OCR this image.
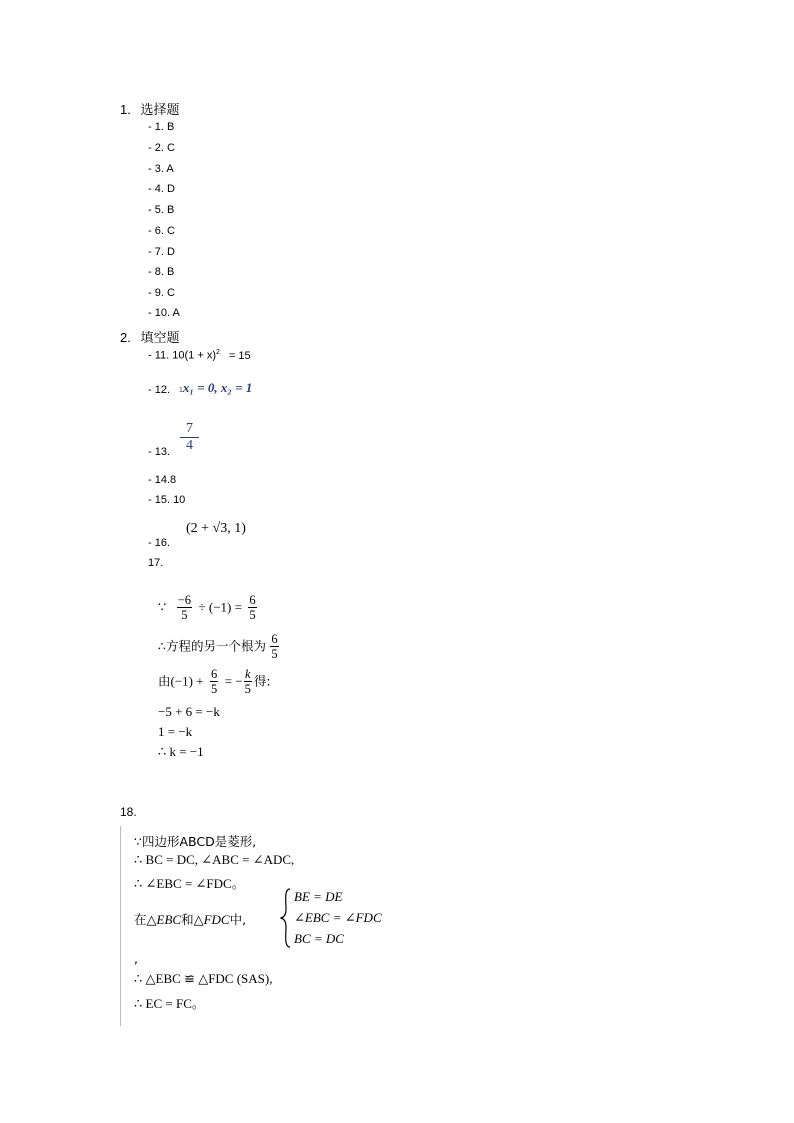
1. 选择题
- 1. B
- 2. C
- 3. A
- 4. D
- 5. B
- 6. C
- 7. D
- 8. B
- 9. C
- 10. A
2. 填空题
- 11. $10(1 + x)^2 = 15$
- 12. 1x₁ = 0, x₂ = 1
- 13. $\frac{7}{4}$
- 14.8
- 15. 10
- 16.
(2 + √3, 1)
17.
∵ $\frac{-6}{5} \div (-1) = \frac{6}{5}$
∴方程的另一个根为 $\frac{6}{5}$
由$(-1) + \frac{6}{5}$ = − $\frac{k}{5}$ 得:
−5 + 6 = −k
1 = −k
∴ k = −1
18.
∵四边形ABCD是菱形,
∴ BC = DC, ∠ABC = ∠ADC,
∴ ∠EBC = ∠FDC。
在△EBC和△FDC中,
BE = DE
∠EBC = ∠FDC
BC = DC
,
∴ △EBC ≌ △FDC (SAS),
∴ EC = FC。
